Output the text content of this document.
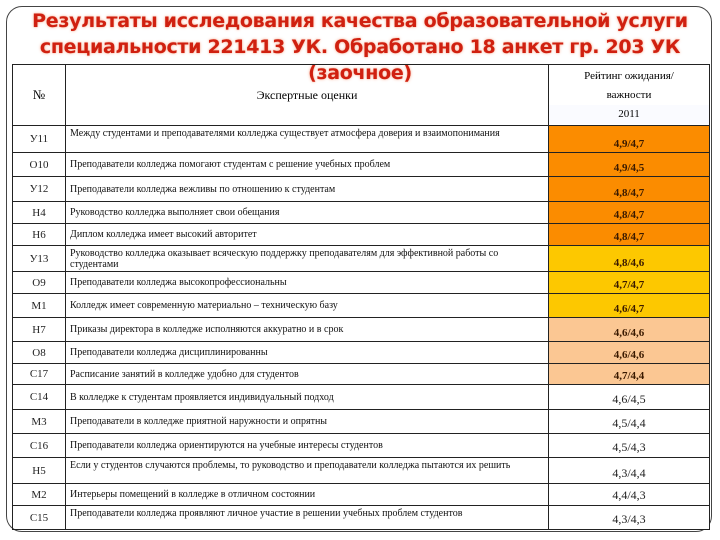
Результаты исследования качества образовательной услуги
специальности 221413 УК. Обработано 18 анкет гр. 203 УК (заочное)
№	Экспертные оценки	Рейтинг ожидания/
важности
2011

У11	Между студентами и преподавателями колледжа существует атмосфера доверия и взаимопонимания	4,9/4,7
О10	Преподаватели колледжа помогают студентам с решение учебных проблем	4,9/4,5
У12	Преподаватели колледжа вежливы по отношению к студентам	4,8/4,7
Н4	Руководство колледжа выполняет свои обещания	4,8/4,7
Н6	Диплом колледжа имеет высокий авторитет	4,8/4,7
У13	Руководство колледжа оказывает всяческую поддержку преподавателям для эффективной работы со студентами	4,8/4,6
О9	Преподаватели колледжа высокопрофессиональны	4,7/4,7
М1	Колледж имеет современную материально – техническую базу	4,6/4,7
Н7	Приказы директора в колледже исполняются аккуратно и в срок	4,6/4,6
О8	Преподаватели колледжа дисциплинированны	4,6/4,6
С17	Расписание занятий в колледже удобно для студентов	4,7/4,4
С14	В колледже к студентам проявляется индивидуальный подход	4,6/4,5
М3	Преподаватели в колледже приятной наружности и опрятны	4,5/4,4
С16	Преподаватели колледжа ориентируются на учебные интересы студентов	4,5/4,3
Н5	Если у студентов случаются проблемы, то руководство и преподаватели колледжа пытаются их решить	4,3/4,4
М2	Интерьеры помещений в колледже в отличном состоянии	4,4/4,3
С15	Преподаватели колледжа проявляют личное участие в решении учебных проблем студентов	4,3/4,3
